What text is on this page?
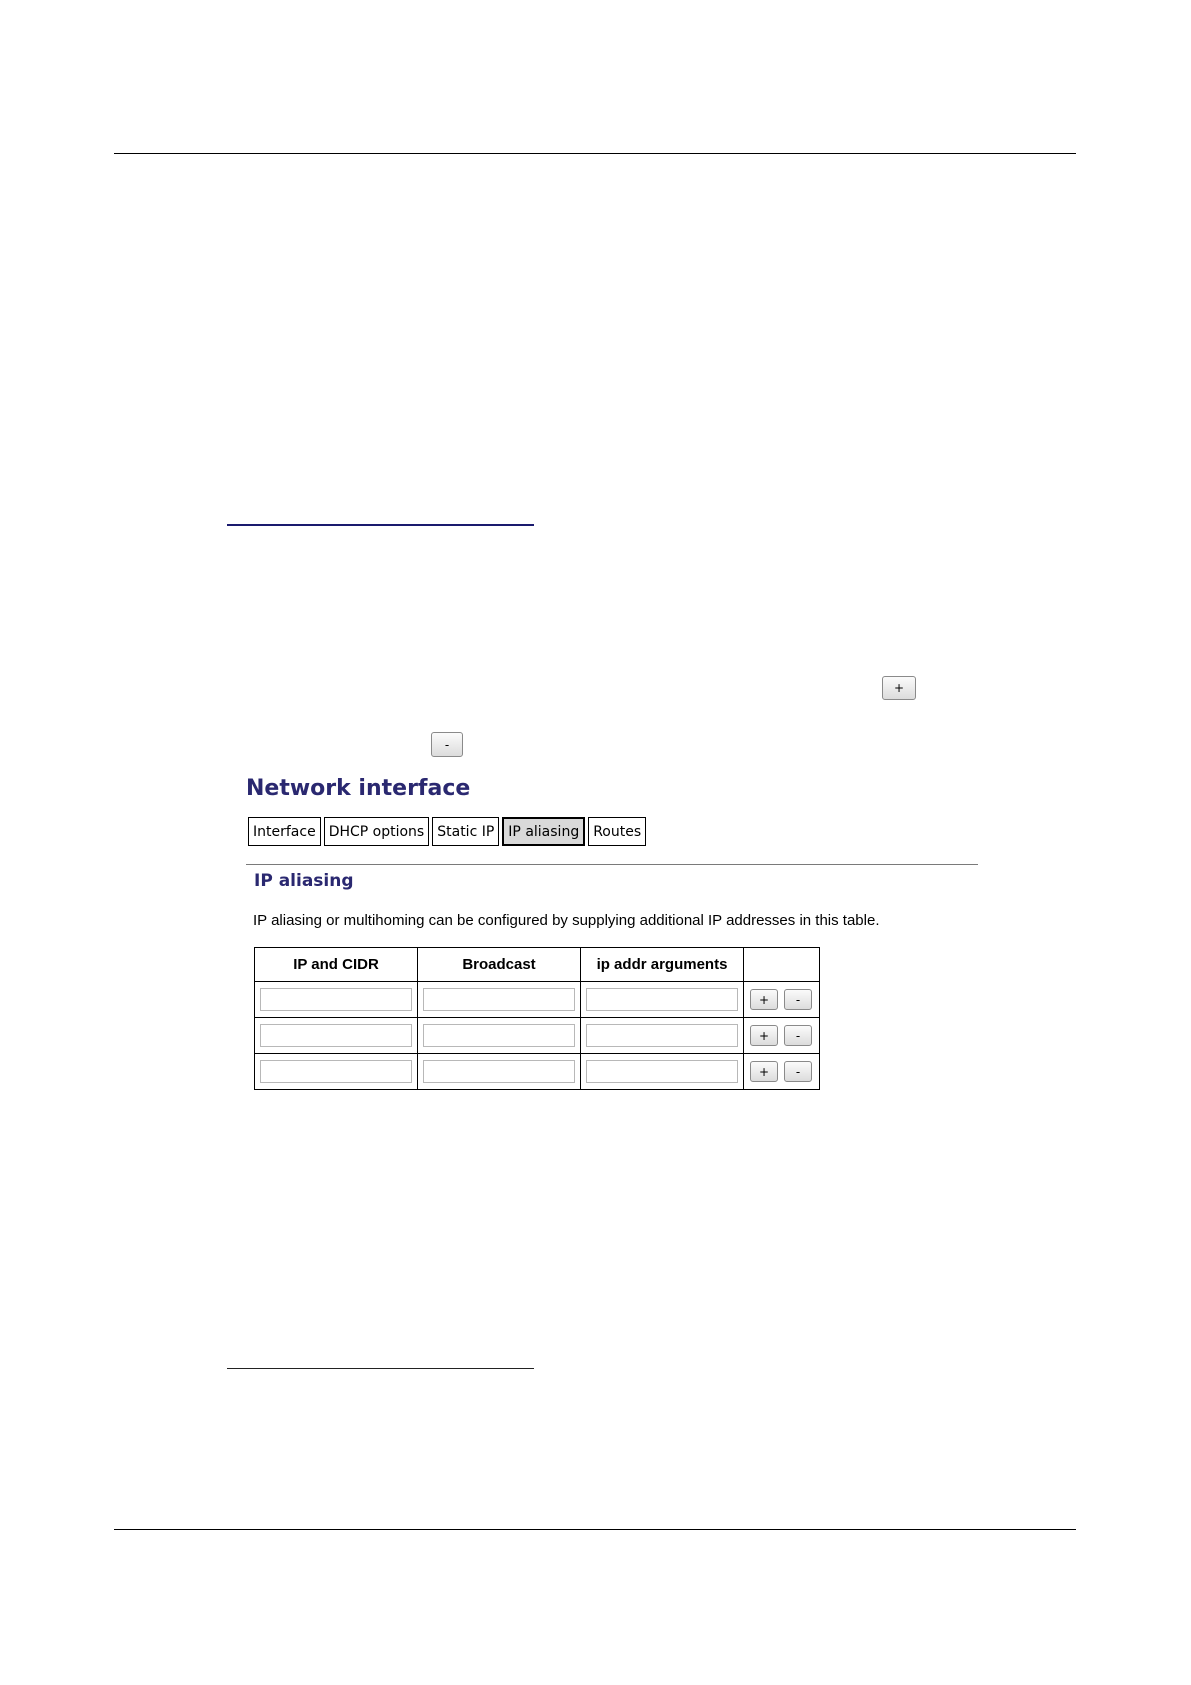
+
-
Network interface
Interface DHCP options Static IP	IP aliasing	Routes
IP aliasing

IP aliasing or multihoming can be configured by supplying additional IP addresses in this table.

IP and CIDR	Broadcast	ip addr arguments	

+ -

+ -

+ -
